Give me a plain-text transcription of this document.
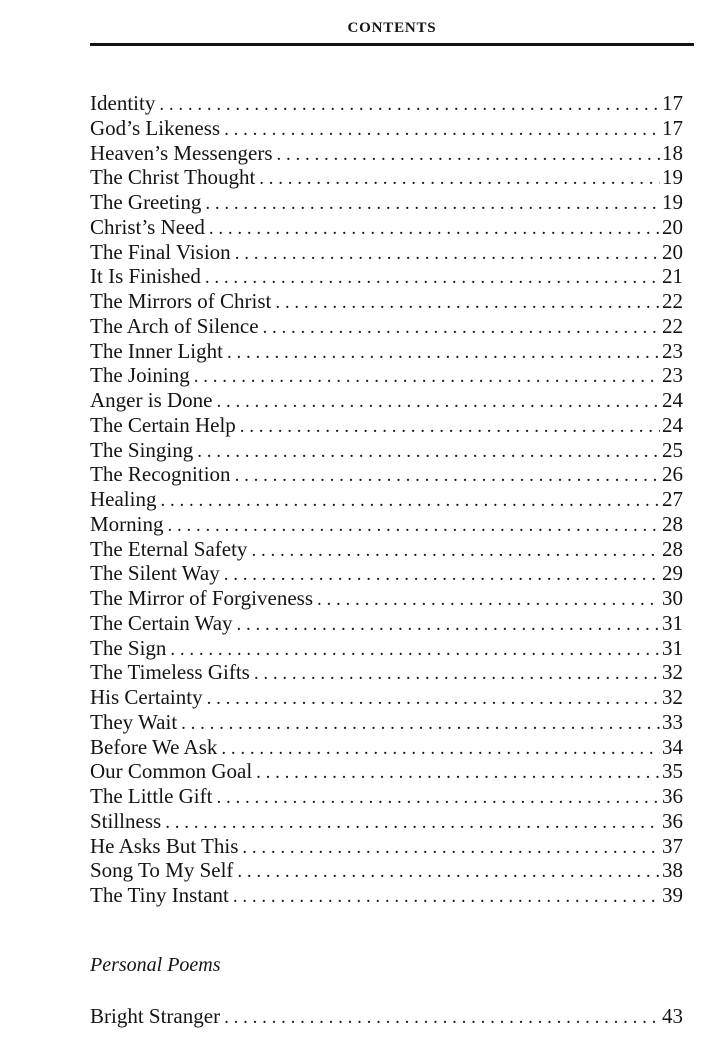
CONTENTS
Identity . . .	17
God’s Likeness . . .	17
Heaven’s Messengers . . .	18
The Christ Thought . . .	19
The Greeting . . .	19
Christ’s Need . . .	20
The Final Vision . . .	20
It Is Finished . . .	21
The Mirrors of Christ . . .	22
The Arch of Silence . . .	22
The Inner Light . . .	23
The Joining . . .	23
Anger is Done . . .	24
The Certain Help . . .	24
The Singing . . .	25
The Recognition . . .	26
Healing . . .	27
Morning . . .	28
The Eternal Safety . . .	28
The Silent Way . . .	29
The Mirror of Forgiveness . . .	30
The Certain Way . . .	31
The Sign . . .	31
The Timeless Gifts . . .	32
His Certainty . . .	32
They Wait . . .	33
Before We Ask . . .	34
Our Common Goal . . .	35
The Little Gift . . .	36
Stillness . . .	36
He Asks But This . . .	37
Song To My Self . . .	38
The Tiny Instant . . .	39
Personal Poems
Bright Stranger . . .	43
